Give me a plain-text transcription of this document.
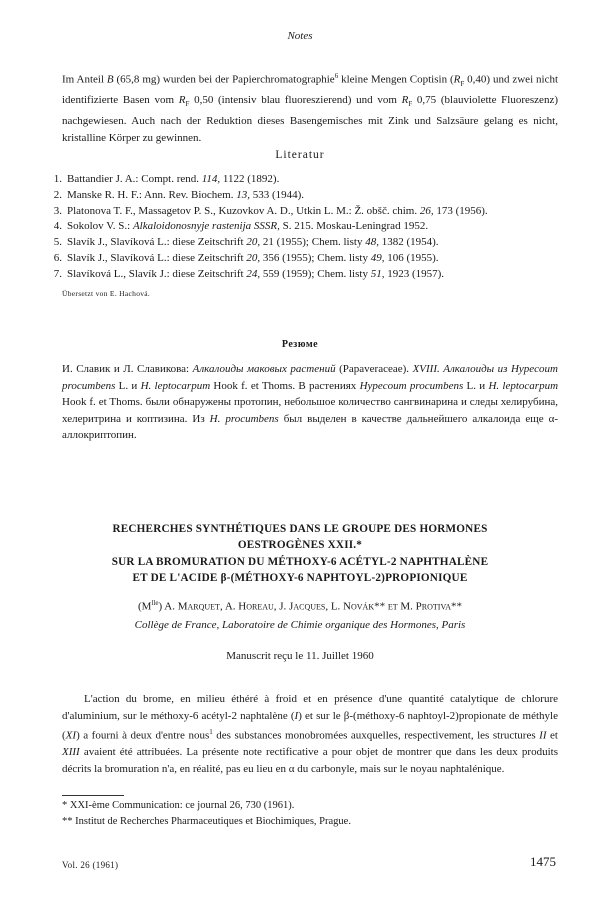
Notes
Im Anteil B (65,8 mg) wurden bei der Papierchromatographie$^6$ kleine Mengen Coptisin ($R_F$ 0,40) und zwei nicht identifizierte Basen vom $R_F$ 0,50 (intensiv blau fluoreszierend) und vom $R_F$ 0,75 (blauviolette Fluoreszenz) nachgewiesen. Auch nach der Reduktion dieses Basengemisches mit Zink und Salzsäure gelang es nicht, kristalline Körper zu gewinnen.
Literatur
1. Battandier J. A.: Compt. rend. 114, 1122 (1892).
2. Manske R. H. F.: Ann. Rev. Biochem. 13, 533 (1944).
3. Platonova T. F., Massagetov P. S., Kuzovkov A. D., Utkin L. M.: Ž. obšč. chim. 26, 173 (1956).
4. Sokolov V. S.: Alkaloidonosnyje rastenija SSSR, S. 215. Moskau-Leningrad 1952.
5. Slavík J., Slavíková L.: diese Zeitschrift 20, 21 (1955); Chem. listy 48, 1382 (1954).
6. Slavík J., Slavíková L.: diese Zeitschrift 20, 356 (1955); Chem. listy 49, 106 (1955).
7. Slavíková L., Slavík J.: diese Zeitschrift 24, 559 (1959); Chem. listy 51, 1923 (1957).
Übersetzt von E. Hachová.
Резюме
И. Славик и Л. Славикова: Алкалоиды маковых растений (Papaveraceae). XVIII. Алкалоиды из Hypecoum procumbens L. и H. leptocarpum Hook f. et Thoms. В растениях Hypecoum procumbens L. и H. leptocarpum Hook f. et Thoms. были обнаружены протопин, небольшое количество сангвинарина и следы хелирубина, хелеритрина и коптизина. Из H. procumbens был выделен в качестве дальнейшего алкалоида еще α-аллокриптопин.
RECHERCHES SYNTHÉTIQUES DANS LE GROUPE DES HORMONES
OESTROGÈNES XXII.*
SUR LA BROMURATION DU MÉTHOXY-6 ACÉTYL-2 NAPHTHALÈNE
ET DE L'ACIDE β-(MÉTHOXY-6 NAPHTOYL-2)PROPIONIQUE
$(M^{lle})$ A. Marquet, A. Horeau, J. Jacques, L. Novák** et M. Protiva**
Collège de France, Laboratoire de Chimie organique des Hormones, Paris
Manuscrit reçu le 11. Juillet 1960
L'action du brome, en milieu éthéré à froid et en présence d'une quantité catalytique de chlorure d'aluminium, sur le méthoxy-6 acétyl-2 naphtalène (I) et sur le β-(méthoxy-6 naphtoyl-2)propionate de méthyle (XI) a fourni à deux d'entre nous$^1$ des substances monobromées auxquelles, respectivement, les structures II et XIII avaient été attribuées. La présente note rectificative a pour objet de montrer que dans les deux produits décrits la bromuration n'a, en réalité, pas eu lieu en α du carbonyle, mais sur le noyau naphtalénique.
* XXI-ème Communication: ce journal 26, 730 (1961).
** Institut de Recherches Pharmaceutiques et Biochimiques, Prague.
Vol. 26 (1961)	1475
